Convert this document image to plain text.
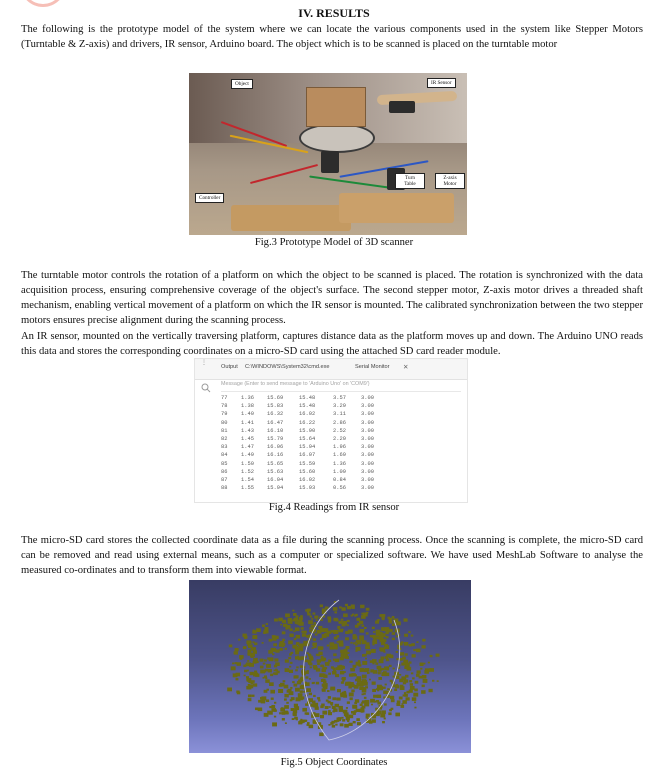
IV. RESULTS
The following is the prototype model of the system where we can locate the various components used in the system like Stepper Motors (Turntable & Z-axis) and drivers, IR sensor, Arduino board. The object which is to be scanned is placed on the turntable motor
Object	IR Sensor
Controller
Turn Table
Z-axis Motor
Fig.3 Prototype Model of 3D scanner
The turntable motor controls the rotation of a platform on which the object to be scanned is placed. The rotation is synchronized with the data acquisition process, ensuring comprehensive coverage of the object's surface. The second stepper motor, Z-axis motor drives a threaded shaft mechanism, enabling vertical movement of a platform on which the IR sensor is mounted. The calibrated synchronization between the two stepper motors ensures precise alignment during the scanning process.
An IR sensor, mounted on the vertically traversing platform, captures distance data as the platform moves up and down. The Arduino UNO reads this data and stores the corresponding coordinates on a micro-SD card using the attached SD card reader module.
⋮
Output C:\WINDOWS\System32\cmd.exe	Serial Monitor ✕
Message (Enter to send message to 'Arduino Uno' on 'COM9')
77	1.36 15.69	15.48	3.57	3.00
78	1.38 15.83	15.48	3.29	3.00
79	1.40 16.32	16.02	3.11	3.00
80	1.41 16.47	16.22	2.86	3.00
81	1.43 16.10	15.90	2.52	3.00
82	1.45 15.79	15.64	2.20	3.00
83	1.47 16.06	15.94	1.96	3.00
84	1.49 16.16	16.07	1.69	3.00
85	1.50 15.65	15.59	1.36	3.00
86	1.52 15.63	15.60	1.09	3.00
87	1.54 16.04	16.02	0.84	3.00
88	1.55 15.94	15.93	0.56	3.00
Fig.4 Readings from IR sensor
The micro-SD card stores the collected coordinate data as a file during the scanning process. Once the scanning is complete, the micro-SD card can be removed and read using external means, such as a computer or specialized software. We have used MeshLab Software to analyse the measured co-ordinates and to transform them into viewable format.
Fig.5 Object Coordinates
